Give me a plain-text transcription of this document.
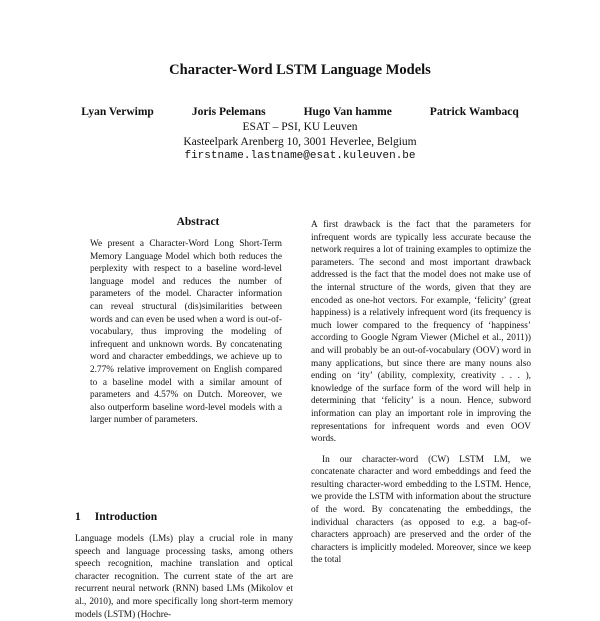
Character-Word LSTM Language Models
Lyan Verwimp	Joris Pelemans	Hugo Van hamme	Patrick Wambacq
ESAT – PSI, KU Leuven
Kasteelpark Arenberg 10, 3001 Heverlee, Belgium
firstname.lastname@esat.kuleuven.be
Abstract
We present a Character-Word Long Short-Term Memory Language Model which both reduces the perplexity with respect to a baseline word-level language model and reduces the number of parameters of the model. Character information can reveal structural (dis)similarities between words and can even be used when a word is out-of-vocabulary, thus improving the modeling of infrequent and unknown words. By concatenating word and character embeddings, we achieve up to 2.77% relative improvement on English compared to a baseline model with a similar amount of parameters and 4.57% on Dutch. Moreover, we also outperform baseline word-level models with a larger number of parameters.
1 Introduction
Language models (LMs) play a crucial role in many speech and language processing tasks, among others speech recognition, machine translation and optical character recognition. The current state of the art are recurrent neural network (RNN) based LMs (Mikolov et al., 2010), and more specifically long short-term memory models (LSTM) (Hochre-

A first drawback is the fact that the parameters for infrequent words are typically less accurate because the network requires a lot of training examples to optimize the parameters. The second and most important drawback addressed is the fact that the model does not make use of the internal structure of the words, given that they are encoded as one-hot vectors. For example, ‘felicity’ (great happiness) is a relatively infrequent word (its frequency is much lower compared to the frequency of ‘happiness’ according to Google Ngram Viewer (Michel et al., 2011)) and will probably be an out-of-vocabulary (OOV) word in many applications, but since there are many nouns also ending on ‘ity’ (ability, complexity, creativity . . . ), knowledge of the surface form of the word will help in determining that ‘felicity’ is a noun. Hence, subword information can play an important role in improving the representations for infrequent words and even OOV words.

In our character-word (CW) LSTM LM, we concatenate character and word embeddings and feed the resulting character-word embedding to the LSTM. Hence, we provide the LSTM with information about the structure of the word. By concatenating the embeddings, the individual characters (as opposed to e.g. a bag-of-characters approach) are preserved and the order of the characters is implicitly modeled. Moreover, since we keep the total
